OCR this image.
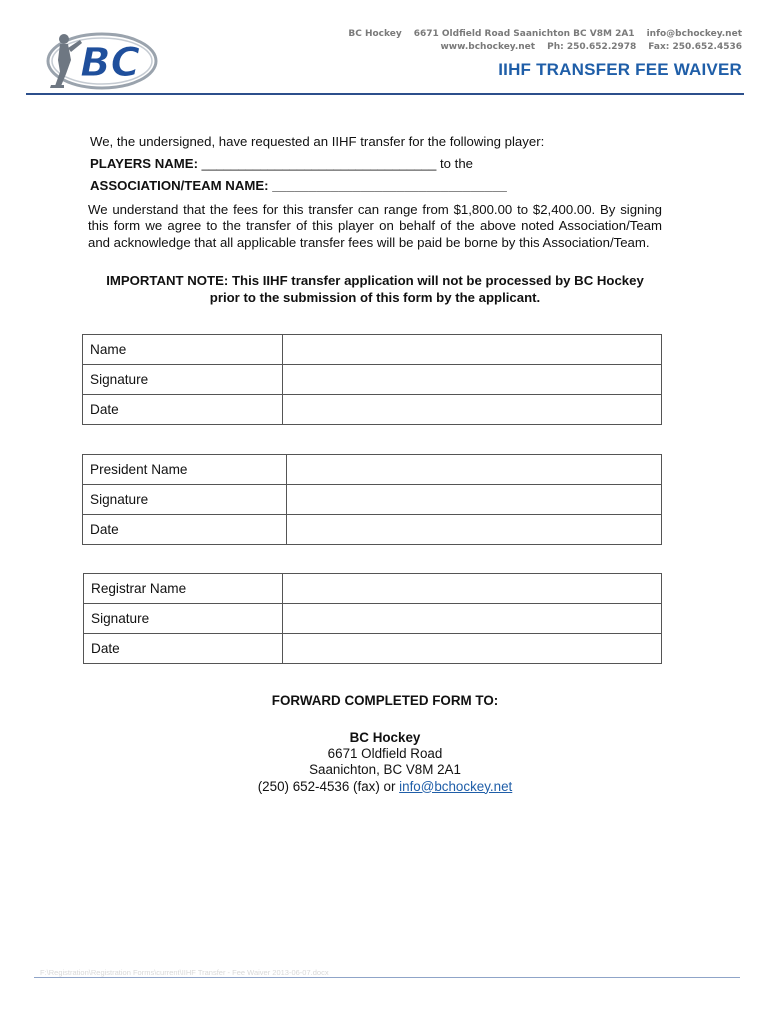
BC
BC Hockey 6671 Oldfield Road Saanichton BC V8M 2A1 info@bchockey.net
www.bchockey.net Ph: 250.652.2978 Fax: 250.652.4536
IIHF TRANSFER FEE WAIVER
We, the undersigned, have requested an IIHF transfer for the following player:
PLAYERS NAME: ________________________________ to the
ASSOCIATION/TEAM NAME: ________________________________
We understand that the fees for this transfer can range from $1,800.00 to $2,400.00. By signing this form we agree to the transfer of this player on behalf of the above noted Association/Team and acknowledge that all applicable transfer fees will be paid be borne by this Association/Team.
IMPORTANT NOTE: This IIHF transfer application will not be processed by BC Hockey
prior to the submission of this form by the applicant.
Name	
Signature	
Date	
President Name	
Signature	
Date	
Registrar Name	
Signature	
Date	
FORWARD COMPLETED FORM TO:
BC Hockey
6671 Oldfield Road
Saanichton, BC V8M 2A1
(250) 652-4536 (fax) or info@bchockey.net
F:\Registration\Registration Forms\current\IIHF Transfer - Fee Waiver 2013-06-07.docx
